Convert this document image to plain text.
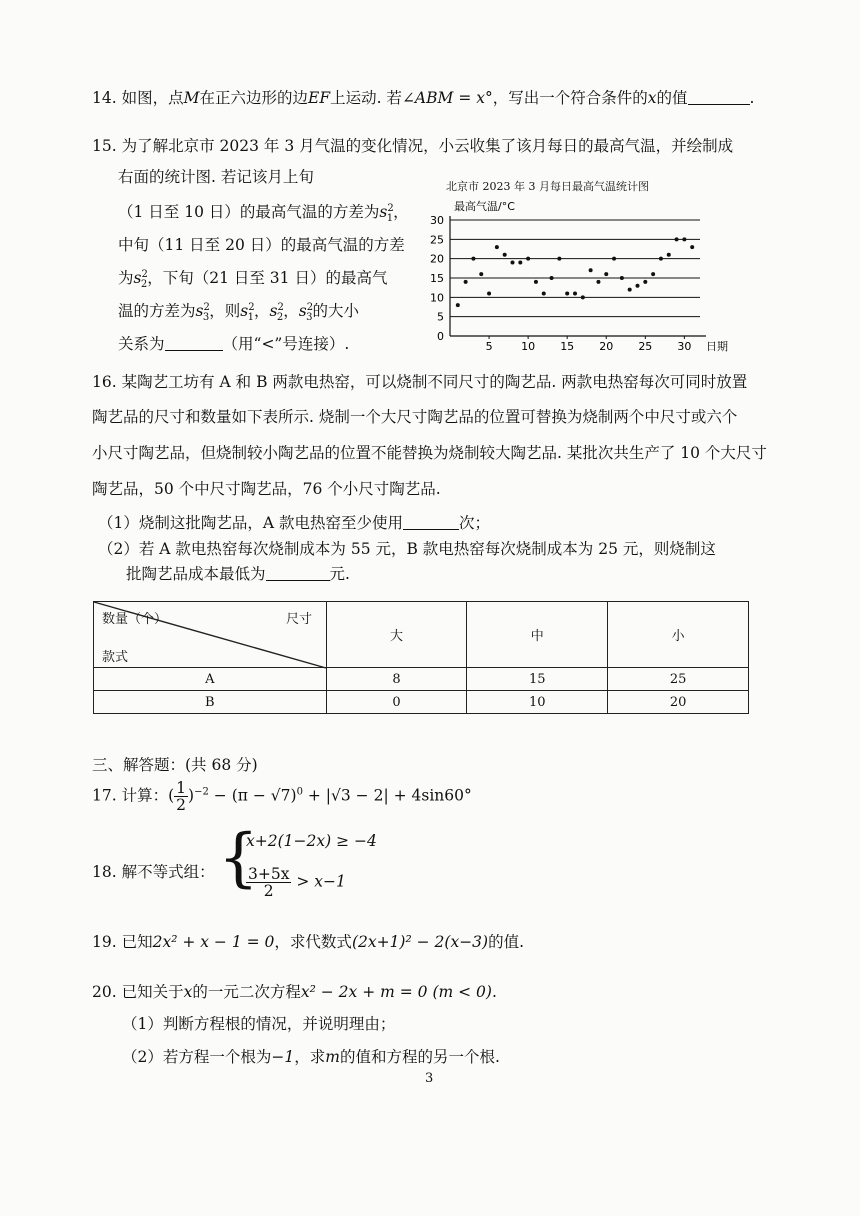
14. 如图，点M在正六边形的边EF上运动. 若∠ABM = x°，写出一个符合条件的x的值	.
15. 为了解北京市 2023 年 3 月气温的变化情况，小云收集了该月每日的最高气温，并绘制成
右面的统计图. 若记该月上旬
（1 日至 10 日）的最高气温的方差为$s^2_1$，
中旬（11 日至 20 日）的最高气温的方差
为$s^2_2$，下旬（21 日至 31 日）的最高气
温的方差为$s^2_3$，则$s^2_1$，$s^2_2$，$s^2_3$的大小
关系为	（用“<”号连接）.
北京市 2023 年 3 月每日最高气温统计图
最高气温/°C
0
5
10
15
20
25
30
5	10 15 20 25 30 日期
16. 某陶艺工坊有 A 和 B 两款电热窑，可以烧制不同尺寸的陶艺品. 两款电热窑每次可同时放置
陶艺品的尺寸和数量如下表所示. 烧制一个大尺寸陶艺品的位置可替换为烧制两个中尺寸或六个
小尺寸陶艺品，但烧制较小陶艺品的位置不能替换为烧制较大陶艺品. 某批次共生产了 10 个大尺寸
陶艺品，50 个中尺寸陶艺品，76 个小尺寸陶艺品.
（1）烧制这批陶艺品，A 款电热窑至少使用	次；
（2）若 A 款电热窑每次烧制成本为 55 元，B 款电热窑每次烧制成本为 25 元，则烧制这
批陶艺品成本最低为	元.
数量（个） 尺寸
款式	大	中	小
A	8	15	25
B	0	10	20
三、解答题：(共 68 分)
17. 计算：( $\frac{1}{2} )^{-2} - (\pi - √7)^0 + |√3 - 2| + 4\sin 60^\circ$
18. 解不等式组： {
x+2(1−2x) ≥ −4
$\frac{3+5x}{2} > x-1$
19. 已知2x² + x − 1 = 0，求代数式(2x+1)² − 2(x−3)的值.
20. 已知关于x的一元二次方程x² − 2x + m = 0 (m < 0).
（1）判断方程根的情况，并说明理由；
（2）若方程一个根为−1，求m的值和方程的另一个根.
3
